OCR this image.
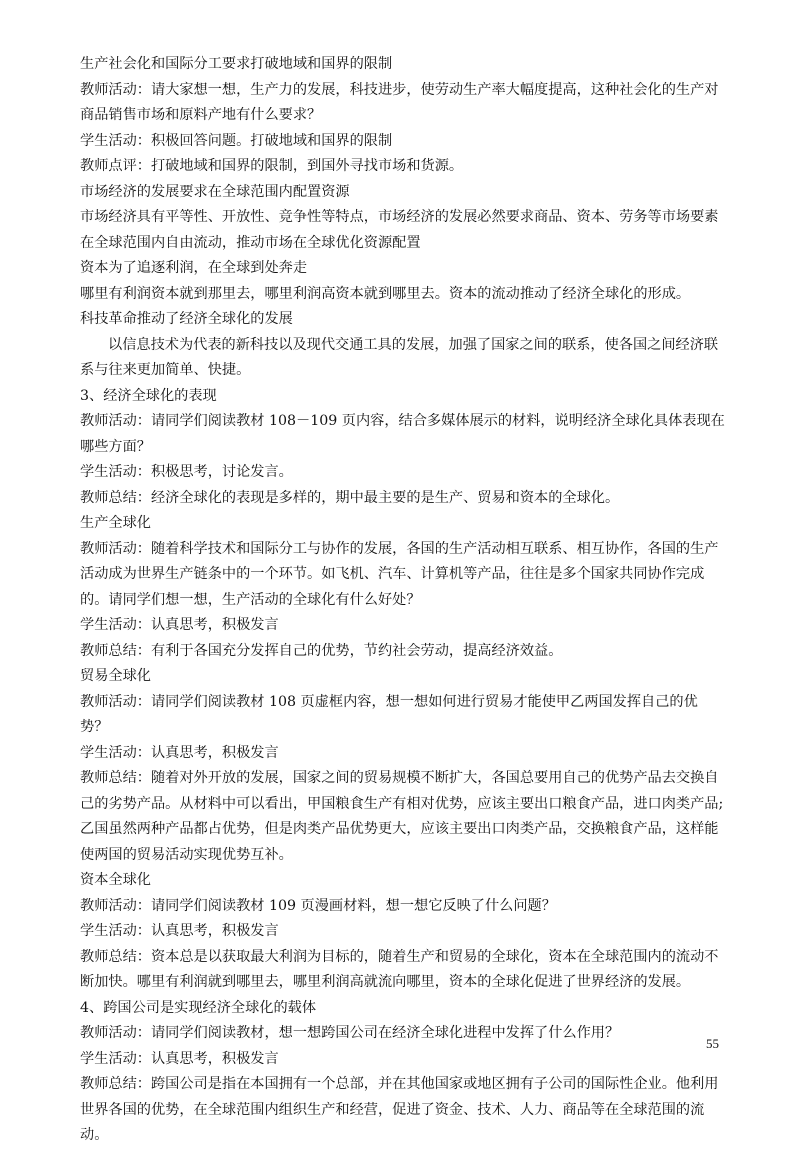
生产社会化和国际分工要求打破地域和国界的限制

教师活动：请大家想一想，生产力的发展，科技进步，使劳动生产率大幅度提高，这种社会化的生产对商品销售市场和原料产地有什么要求？

学生活动：积极回答问题。打破地域和国界的限制

教师点评：打破地域和国界的限制，到国外寻找市场和货源。

市场经济的发展要求在全球范围内配置资源

市场经济具有平等性、开放性、竞争性等特点，市场经济的发展必然要求商品、资本、劳务等市场要素在全球范围内自由流动，推动市场在全球优化资源配置

资本为了追逐利润，在全球到处奔走

哪里有利润资本就到那里去，哪里利润高资本就到哪里去。资本的流动推动了经济全球化的形成。

科技革命推动了经济全球化的发展

以信息技术为代表的新科技以及现代交通工具的发展，加强了国家之间的联系，使各国之间经济联系与往来更加简单、快捷。

3、经济全球化的表现

教师活动：请同学们阅读教材 108－109 页内容，结合多媒体展示的材料，说明经济全球化具体表现在哪些方面？

学生活动：积极思考，讨论发言。

教师总结：经济全球化的表现是多样的，期中最主要的是生产、贸易和资本的全球化。

生产全球化

教师活动：随着科学技术和国际分工与协作的发展，各国的生产活动相互联系、相互协作，各国的生产活动成为世界生产链条中的一个环节。如飞机、汽车、计算机等产品，往往是多个国家共同协作完成的。请同学们想一想，生产活动的全球化有什么好处？

学生活动：认真思考，积极发言

教师总结：有利于各国充分发挥自己的优势，节约社会劳动，提高经济效益。

贸易全球化

教师活动：请同学们阅读教材 108 页虚框内容，想一想如何进行贸易才能使甲乙两国发挥自己的优势？

学生活动：认真思考，积极发言

教师总结：随着对外开放的发展，国家之间的贸易规模不断扩大，各国总要用自己的优势产品去交换自己的劣势产品。从材料中可以看出，甲国粮食生产有相对优势，应该主要出口粮食产品，进口肉类产品;乙国虽然两种产品都占优势，但是肉类产品优势更大，应该主要出口肉类产品，交换粮食产品，这样能使两国的贸易活动实现优势互补。

资本全球化

教师活动：请同学们阅读教材 109 页漫画材料，想一想它反映了什么问题？

学生活动：认真思考，积极发言

教师总结：资本总是以获取最大利润为目标的，随着生产和贸易的全球化，资本在全球范围内的流动不断加快。哪里有利润就到哪里去，哪里利润高就流向哪里，资本的全球化促进了世界经济的发展。

4、跨国公司是实现经济全球化的载体

教师活动：请同学们阅读教材，想一想跨国公司在经济全球化进程中发挥了什么作用？

学生活动：认真思考，积极发言

教师总结：跨国公司是指在本国拥有一个总部，并在其他国家或地区拥有子公司的国际性企业。他利用世界各国的优势，在全球范围内组织生产和经营，促进了资金、技术、人力、商品等在全球范围的流动。

55
